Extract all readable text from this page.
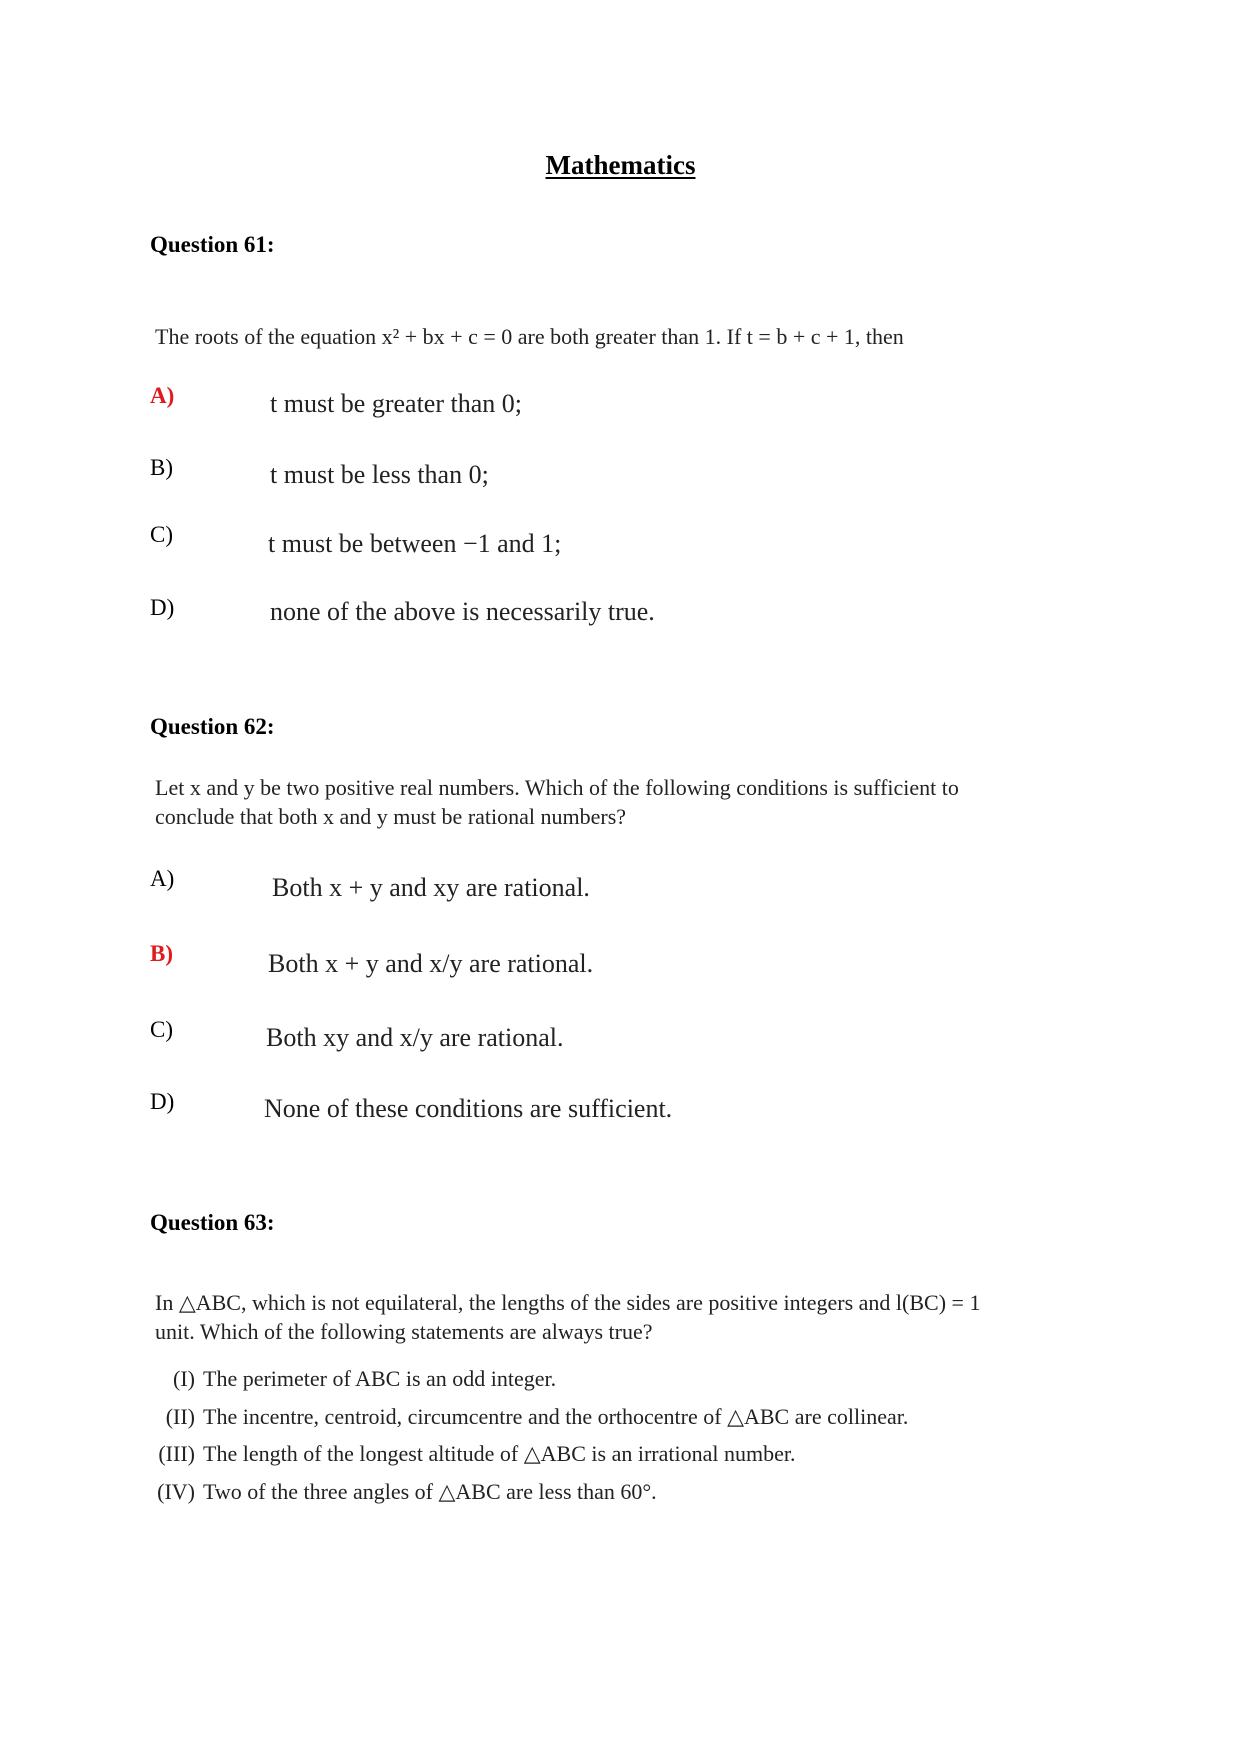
Mathematics
Question 61:
The roots of the equation x² + bx + c = 0 are both greater than 1. If t = b + c + 1, then
A)	t must be greater than 0;
B)	t must be less than 0;
C)	t must be between −1 and 1;
D)	none of the above is necessarily true.
Question 62:
Let x and y be two positive real numbers. Which of the following conditions is sufficient to
conclude that both x and y must be rational numbers?
A)	Both x + y and xy are rational.
B)	Both x + y and x/y are rational.
C)	Both xy and x/y are rational.
D)	None of these conditions are sufficient.
Question 63:
In △ABC, which is not equilateral, the lengths of the sides are positive integers and l(BC) = 1
unit. Which of the following statements are always true?
(I) The perimeter of ABC is an odd integer.
(II) The incentre, centroid, circumcentre and the orthocentre of △ABC are collinear.
(III) The length of the longest altitude of △ABC is an irrational number.
(IV) Two of the three angles of △ABC are less than 60°.
